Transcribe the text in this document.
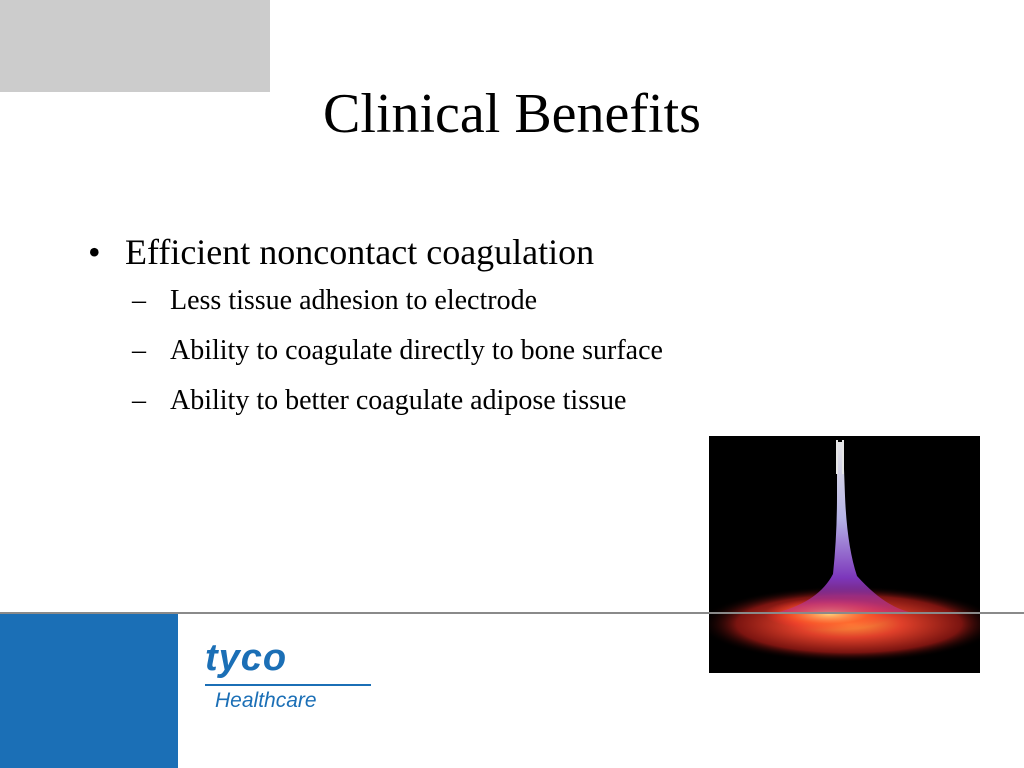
Clinical Benefits
• Efficient noncontact coagulation
– Less tissue adhesion to electrode
– Ability to coagulate directly to bone surface
– Ability to better coagulate adipose tissue
tyco
Healthcare
